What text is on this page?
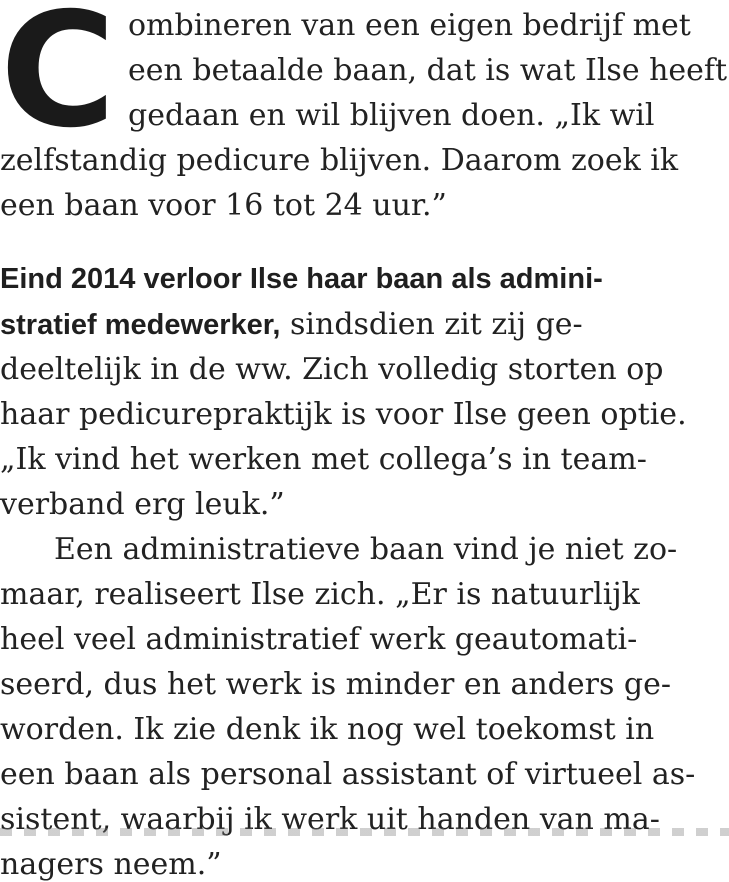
C ombineren van een eigen bedrijf met

een betaalde baan, dat is wat Ilse heeft

gedaan en wil blijven doen. „Ik wil

zelfstandig pedicure blijven. Daarom zoek ik

een baan voor 16 tot 24 uur.”

Eind 2014 verloor Ilse haar baan als admini-

stratief medewerker, sindsdien zit zij ge-

deeltelijk in de ww. Zich volledig storten op

haar pedicurepraktijk is voor Ilse geen optie.

„Ik vind het werken met collega’s in team-

verband erg leuk.”

Een administratieve baan vind je niet zo-

maar, realiseert Ilse zich. „Er is natuurlijk

heel veel administratief werk geautomati-

seerd, dus het werk is minder en anders ge-

worden. Ik zie denk ik nog wel toekomst in

een baan als personal assistant of virtueel as-

sistent, waarbij ik werk uit handen van ma-

nagers neem.”
